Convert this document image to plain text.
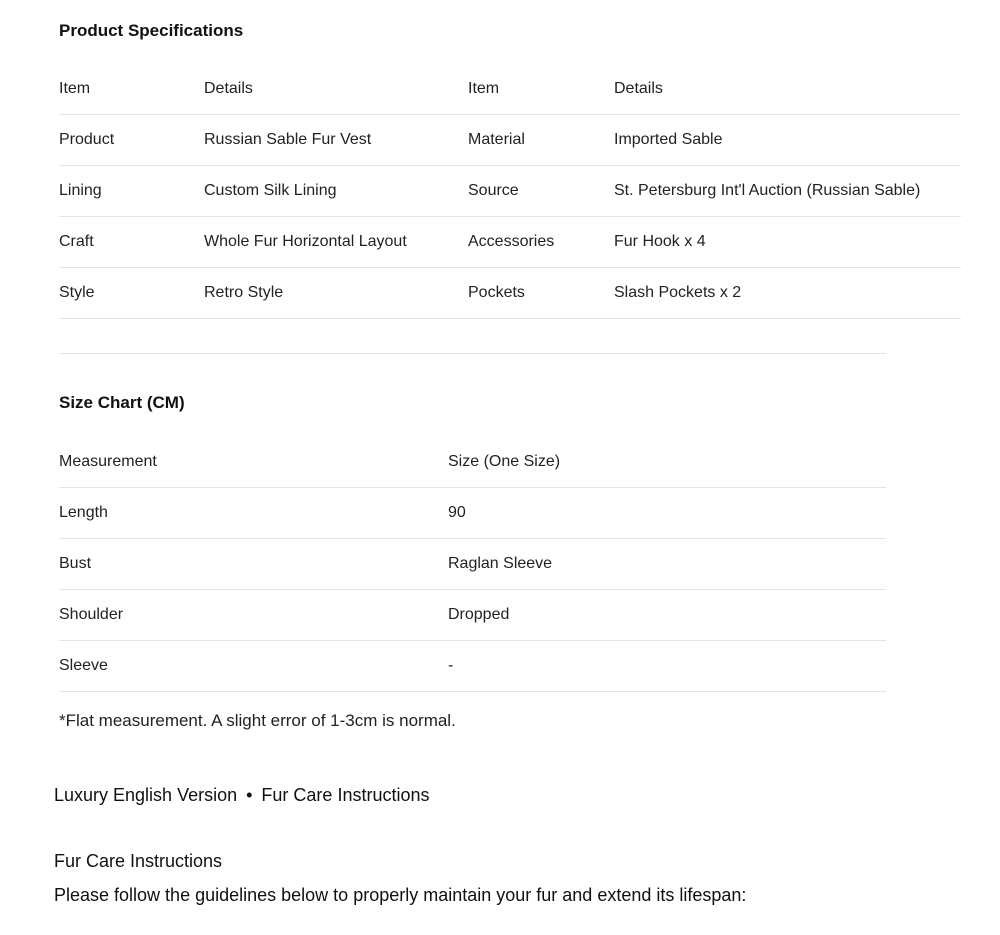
Product Specifications
Item	Details	Item	Details
Product	Russian Sable Fur Vest	Material	Imported Sable
Lining	Custom Silk Lining	Source	St. Petersburg Int'l Auction (Russian Sable)
Craft	Whole Fur Horizontal Layout	Accessories	Fur Hook x 4
Style	Retro Style	Pockets	Slash Pockets x 2
Size Chart (CM)
Measurement	Size (One Size)
Length	90
Bust	Raglan Sleeve
Shoulder	Dropped
Sleeve	-

*Flat measurement. A slight error of 1-3cm is normal.

Luxury English Version • Fur Care Instructions
Fur Care Instructions

Please follow the guidelines below to properly maintain your fur and extend its lifespan:
